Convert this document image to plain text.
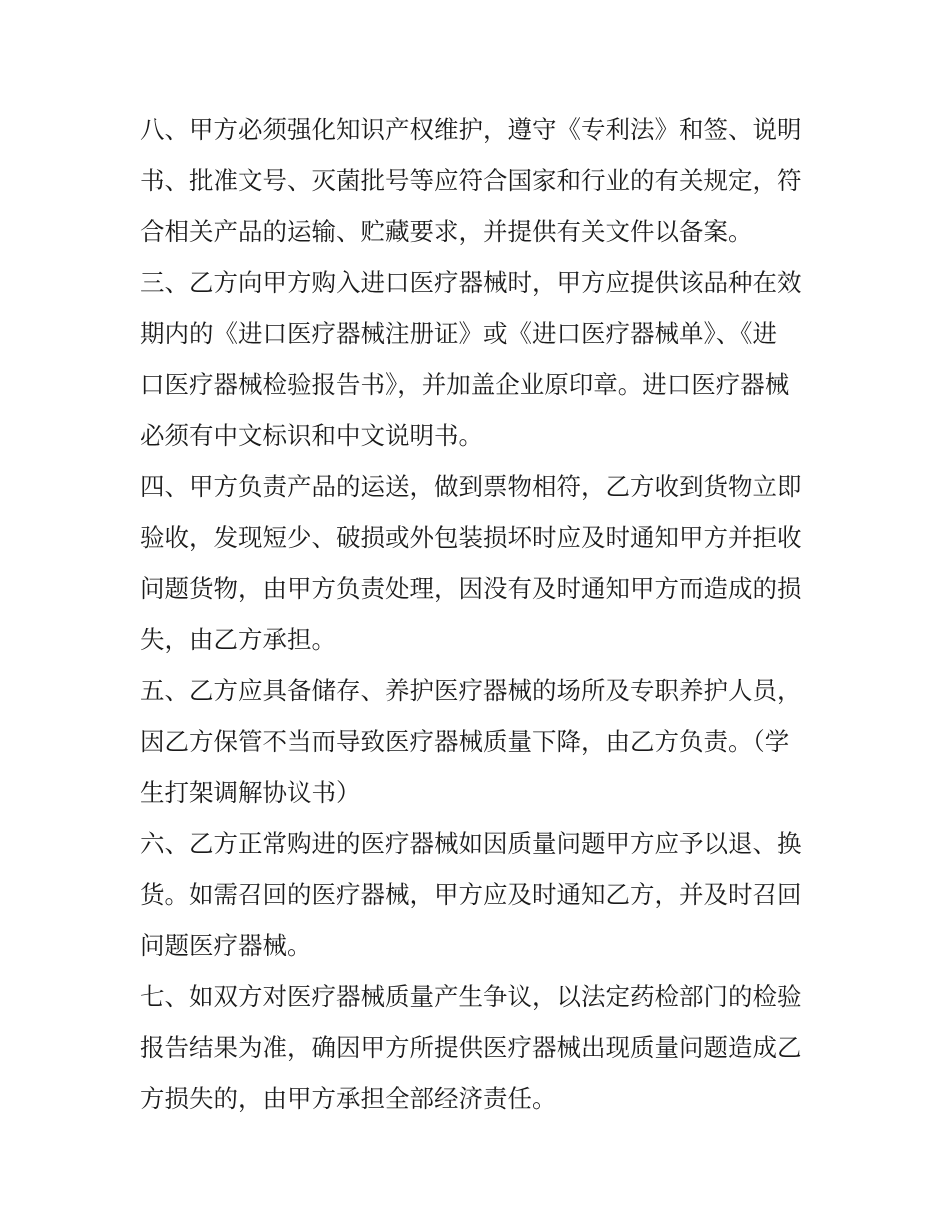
八、甲方必须强化知识产权维护，遵守《专利法》和签、说明
书、批准文号、灭菌批号等应符合国家和行业的有关规定，符
合相关产品的运输、贮藏要求，并提供有关文件以备案。
三、乙方向甲方购入进口医疗器械时，甲方应提供该品种在效
期内的《进口医疗器械注册证》或《进口医疗器械单》、《进
口医疗器械检验报告书》，并加盖企业原印章。进口医疗器械
必须有中文标识和中文说明书。
四、甲方负责产品的运送，做到票物相符，乙方收到货物立即
验收，发现短少、破损或外包装损坏时应及时通知甲方并拒收
问题货物，由甲方负责处理，因没有及时通知甲方而造成的损
失，由乙方承担。
五、乙方应具备储存、养护医疗器械的场所及专职养护人员，
因乙方保管不当而导致医疗器械质量下降，由乙方负责。（学
生打架调解协议书）
六、乙方正常购进的医疗器械如因质量问题甲方应予以退、换
货。如需召回的医疗器械，甲方应及时通知乙方，并及时召回
问题医疗器械。
七、如双方对医疗器械质量产生争议，以法定药检部门的检验
报告结果为准，确因甲方所提供医疗器械出现质量问题造成乙
方损失的，由甲方承担全部经济责任。
